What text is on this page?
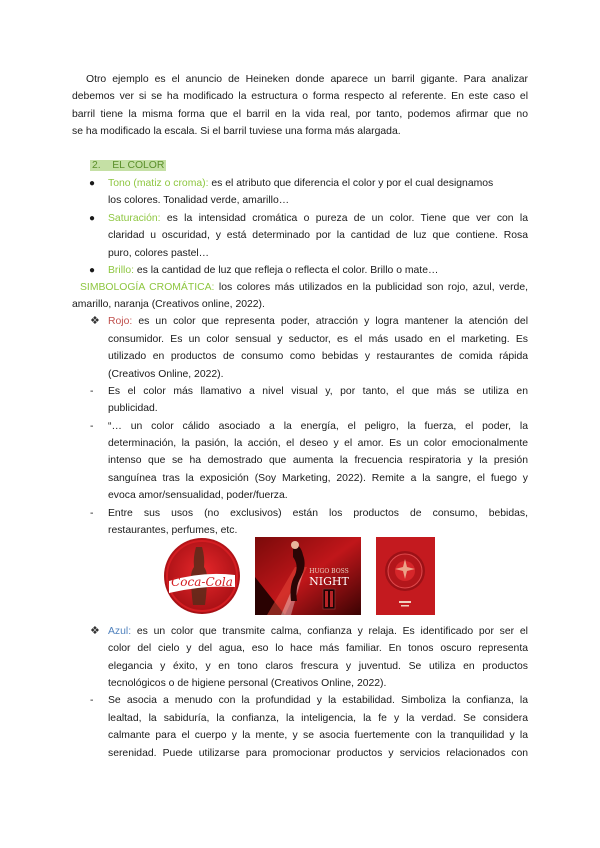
Otro ejemplo es el anuncio de Heineken donde aparece un barril gigante. Para analizar
debemos ver si se ha modificado la estructura o forma respecto al referente. En este caso el
barril tiene la misma forma que el barril en la vida real, por tanto, podemos afirmar que no
se ha modificado la escala. Si el barril tuviese una forma más alargada.
2. EL COLOR
● Tono (matiz o croma): es el atributo que diferencia el color y por el cual designamos
los colores. Tonalidad verde, amarillo…
● Saturación: es la intensidad cromática o pureza de un color. Tiene que ver con la
claridad u oscuridad, y está determinado por la cantidad de luz que contiene. Rosa
puro, colores pastel…
● Brillo: es la cantidad de luz que refleja o reflecta el color. Brillo o mate…
SIMBOLOGÍA CROMÁTICA: los colores más utilizados en la publicidad son rojo, azul, verde,
amarillo, naranja (Creativos online, 2022).
❖ Rojo: es un color que representa poder, atracción y logra mantener la atención del
consumidor. Es un color sensual y seductor, es el más usado en el marketing. Es
utilizado en productos de consumo como bebidas y restaurantes de comida rápida
(Creativos Online, 2022).
- Es el color más llamativo a nivel visual y, por tanto, el que más se utiliza en
publicidad.
- “… un color cálido asociado a la energía, el peligro, la fuerza, el poder, la
determinación, la pasión, la acción, el deseo y el amor. Es un color emocionalmente
intenso que se ha demostrado que aumenta la frecuencia respiratoria y la presión
sanguínea tras la exposición (Soy Marketing, 2022). Remite a la sangre, el fuego y
evoca amor/sensualidad, poder/fuerza.
- Entre sus usos (no exclusivos) están los productos de consumo, bebidas,
restaurantes, perfumes, etc.
Coca-Cola
HUGO BOSS
NIGHT
❖ Azul: es un color que transmite calma, confianza y relaja. Es identificado por ser el
color del cielo y del agua, eso lo hace más familiar. En tonos oscuro representa
elegancia y éxito, y en tono claros frescura y juventud. Se utiliza en productos
tecnológicos o de higiene personal (Creativos Online, 2022).
- Se asocia a menudo con la profundidad y la estabilidad. Simboliza la confianza, la
lealtad, la sabiduría, la confianza, la inteligencia, la fe y la verdad. Se considera
calmante para el cuerpo y la mente, y se asocia fuertemente con la tranquilidad y la
serenidad. Puede utilizarse para promocionar productos y servicios relacionados con
